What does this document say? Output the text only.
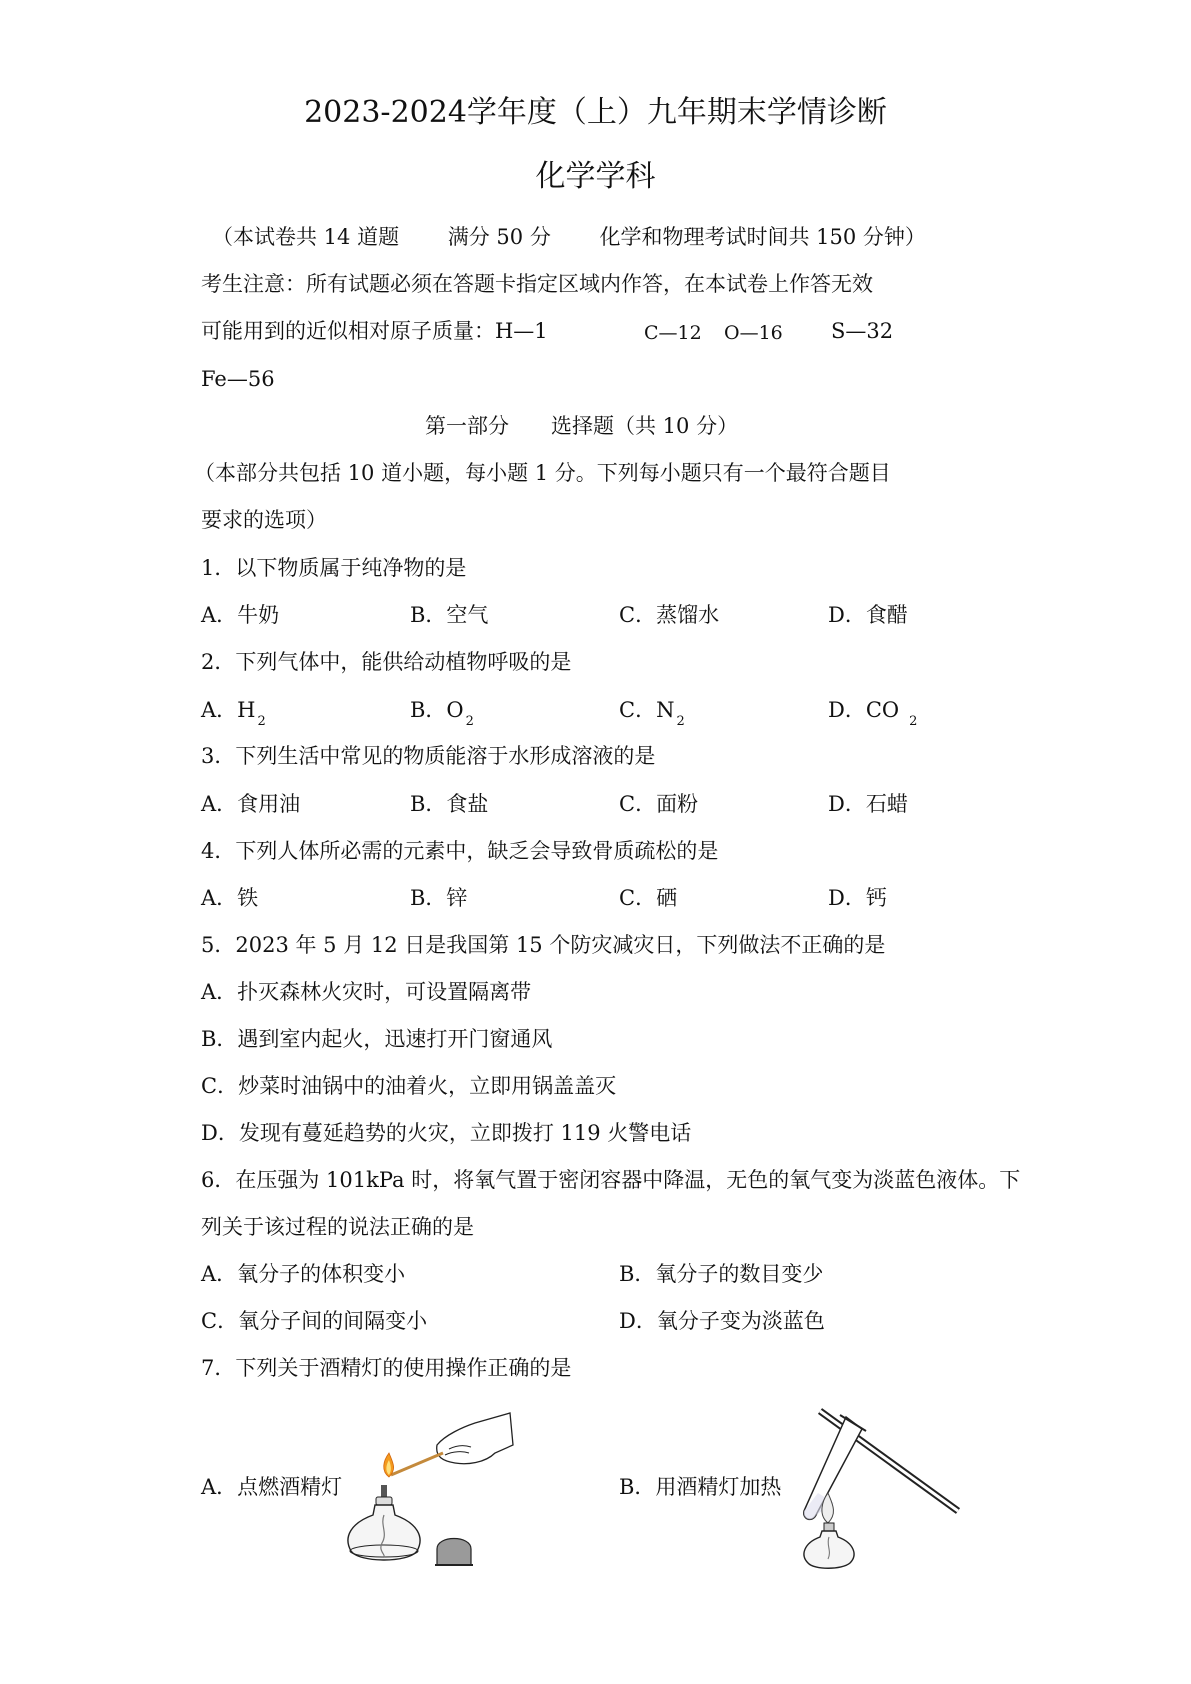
2023-2024学年度（上）九年期末学情诊断
化学学科
（本试卷共 14 道题　　 满分 50 分　　 化学和物理考试时间共 150 分钟）
考生注意：所有试题必须在答题卡指定区域内作答，在本试卷上作答无效
可能用到的近似相对原子质量：H—1	C—12 O—16 S—32
Fe—56
第一部分　　选择题（共 10 分）
（本部分共包括 10 道小题，每小题 1 分。下列每小题只有一个最符合题目
要求的选项）
1．以下物质属于纯净物的是
A．牛奶	B．空气	C．蒸馏水	D．食醋
2．下列气体中，能供给动植物呼吸的是
A．H $_2$	B．O $_2$	C．N $_2$	D．CO $_2$
3．下列生活中常见的物质能溶于水形成溶液的是
A．食用油	B．食盐	C．面粉	D．石蜡
4．下列人体所必需的元素中，缺乏会导致骨质疏松的是
A．铁	B．锌	C．硒	D．钙
5．2023 年 5 月 12 日是我国第 15 个防灾减灾日，下列做法不正确的是
A．扑灭森林火灾时，可设置隔离带
B．遇到室内起火，迅速打开门窗通风
C．炒菜时油锅中的油着火，立即用锅盖盖灭
D．发现有蔓延趋势的火灾，立即拨打 119 火警电话
6．在压强为 101kPa 时，将氧气置于密闭容器中降温，无色的氧气变为淡蓝色液体。下
列关于该过程的说法正确的是
A．氧分子的体积变小	B．氧分子的数目变少
C．氧分子间的间隔变小	D．氧分子变为淡蓝色
7．下列关于酒精灯的使用操作正确的是
A．点燃酒精灯	B．用酒精灯加热
